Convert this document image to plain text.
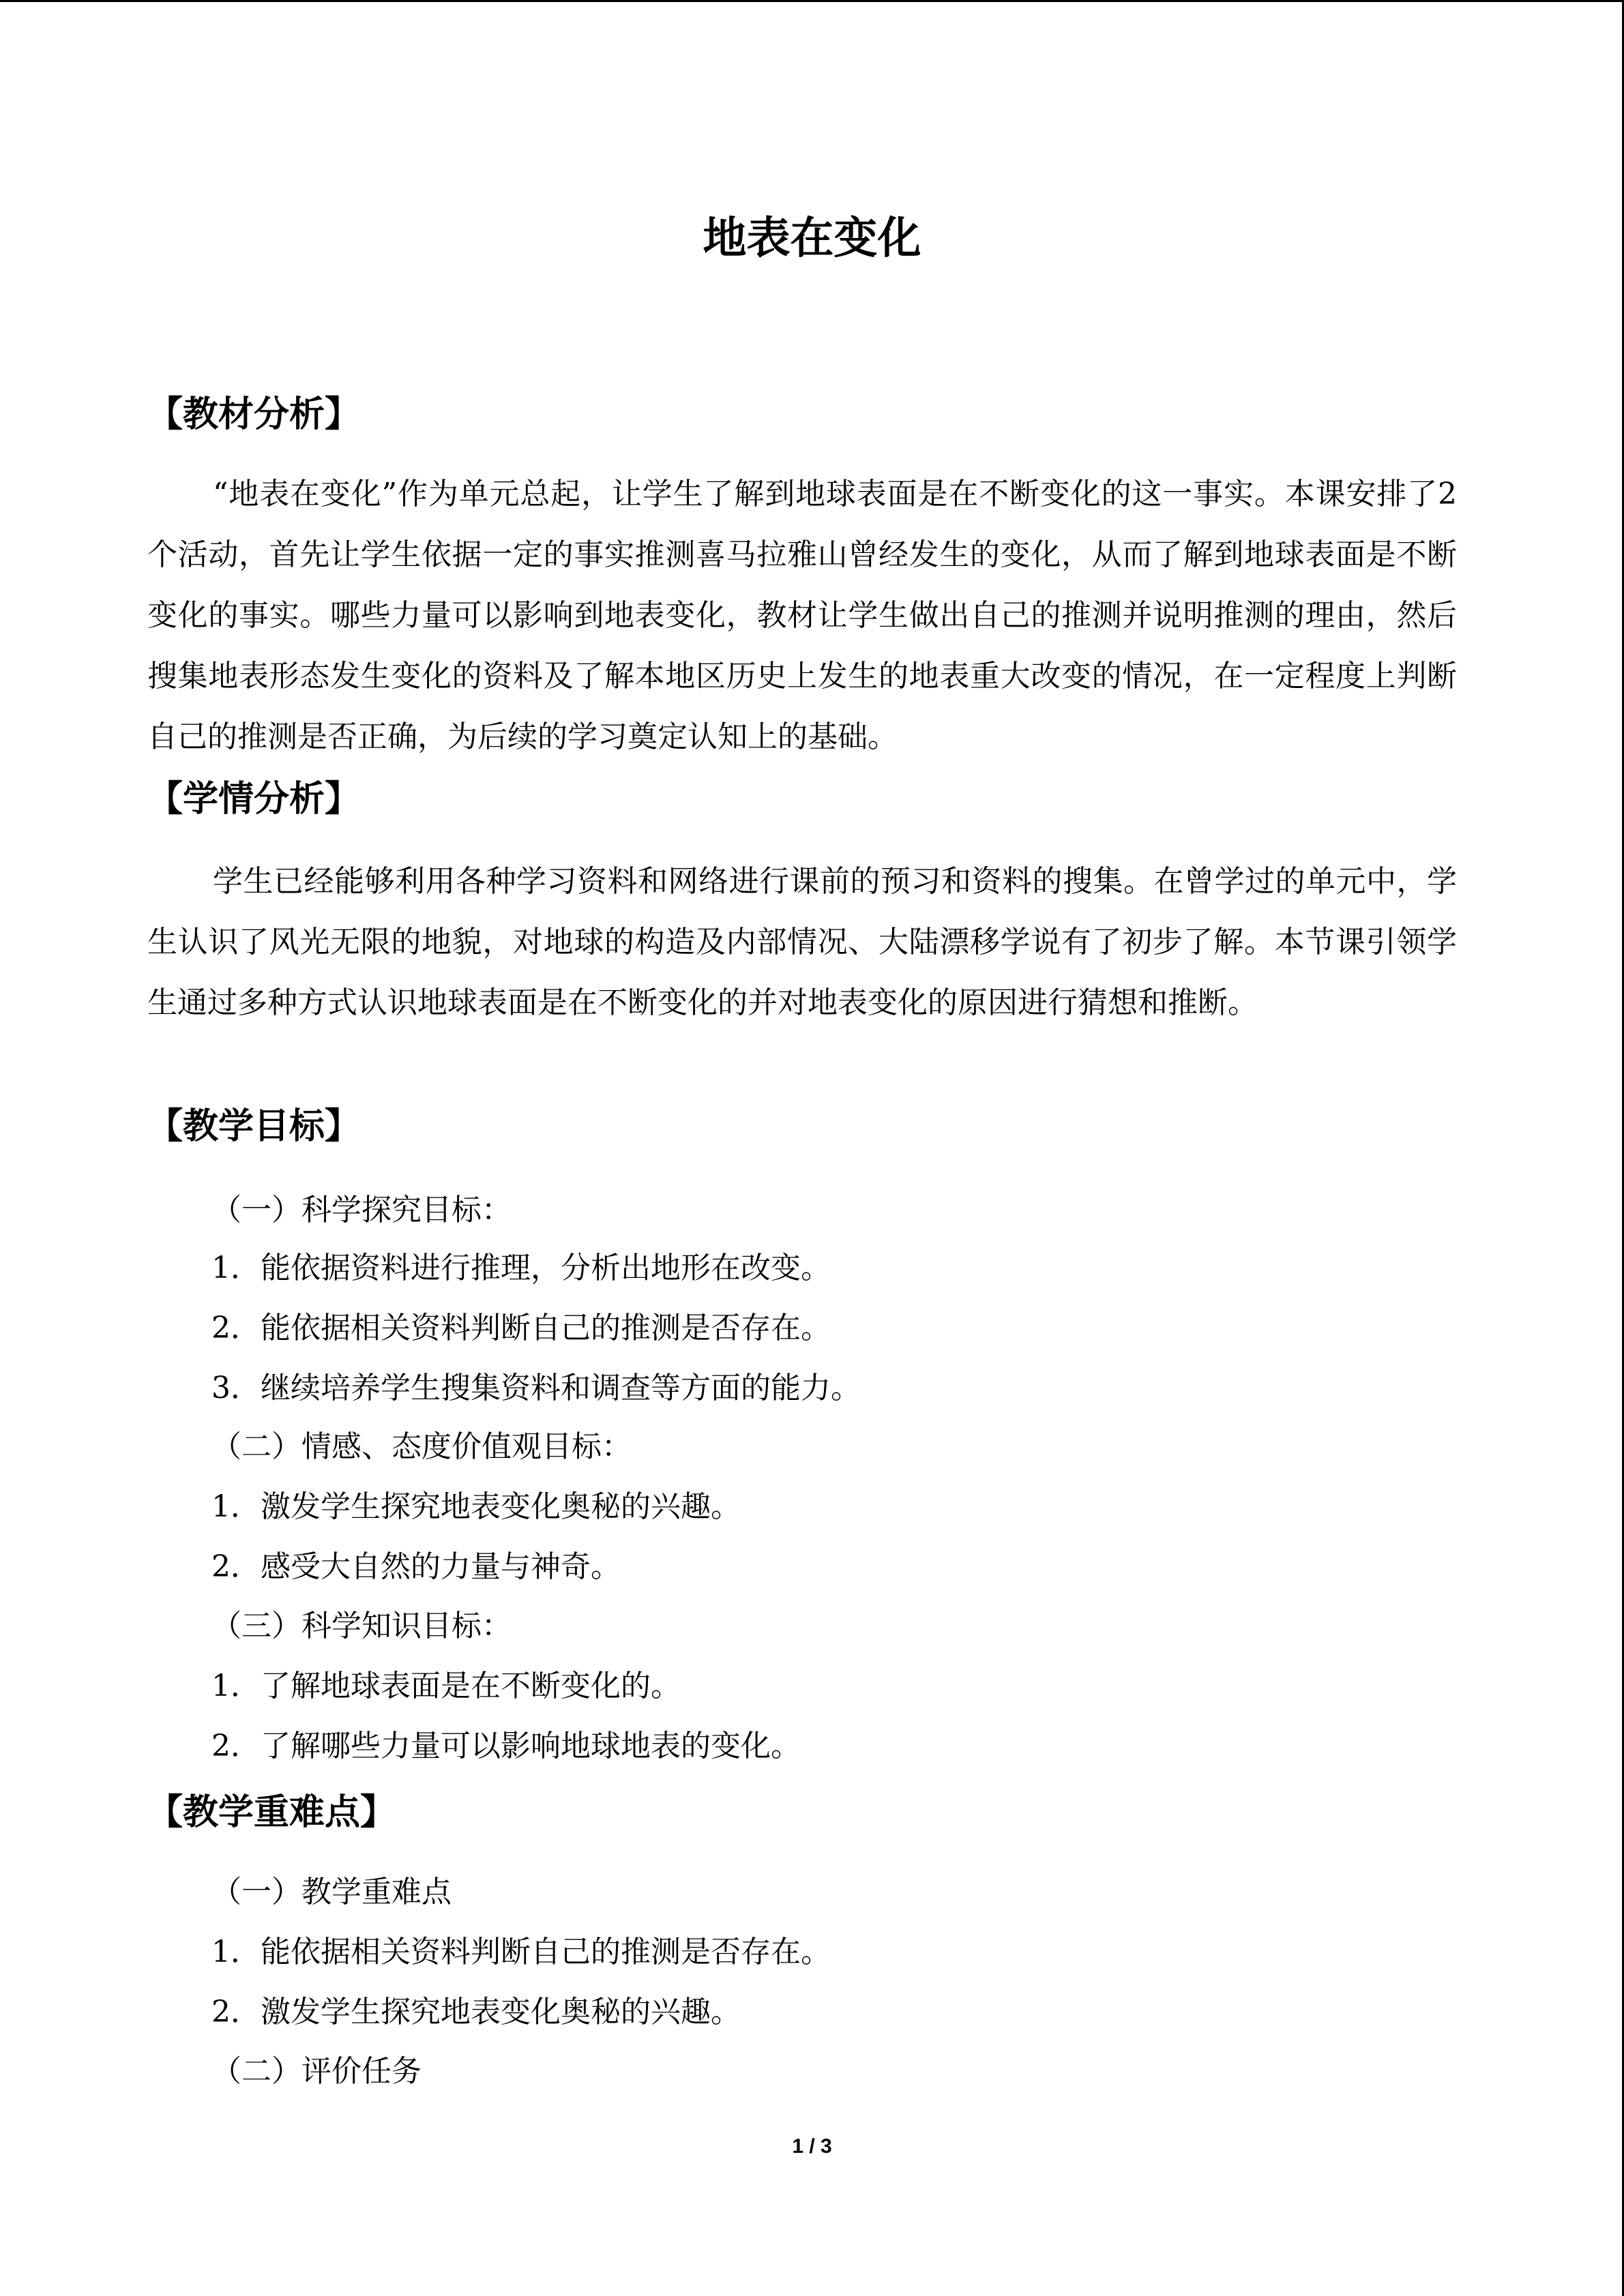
地表在变化
【教材分析】
“地表在变化”作为单元总起，让学生了解到地球表面是在不断变化的这一事实。本课安排了2个活动，首先让学生依据一定的事实推测喜马拉雅山曾经发生的变化，从而了解到地球表面是不断变化的事实。哪些力量可以影响到地表变化，教材让学生做出自己的推测并说明推测的理由，然后搜集地表形态发生变化的资料及了解本地区历史上发生的地表重大改变的情况，在一定程度上判断自己的推测是否正确，为后续的学习奠定认知上的基础。
【学情分析】
学生已经能够利用各种学习资料和网络进行课前的预习和资料的搜集。在曾学过的单元中，学生认识了风光无限的地貌，对地球的构造及内部情况、大陆漂移学说有了初步了解。本节课引领学生通过多种方式认识地球表面是在不断变化的并对地表变化的原因进行猜想和推断。
【教学目标】
（一）科学探究目标：
1．能依据资料进行推理，分析出地形在改变。
2．能依据相关资料判断自己的推测是否存在。
3．继续培养学生搜集资料和调查等方面的能力。
（二）情感、态度价值观目标：
1．激发学生探究地表变化奥秘的兴趣。
2．感受大自然的力量与神奇。
（三）科学知识目标：
1．了解地球表面是在不断变化的。
2．了解哪些力量可以影响地球地表的变化。
【教学重难点】
（一）教学重难点
1．能依据相关资料判断自己的推测是否存在。
2．激发学生探究地表变化奥秘的兴趣。
（二）评价任务
1 / 3
